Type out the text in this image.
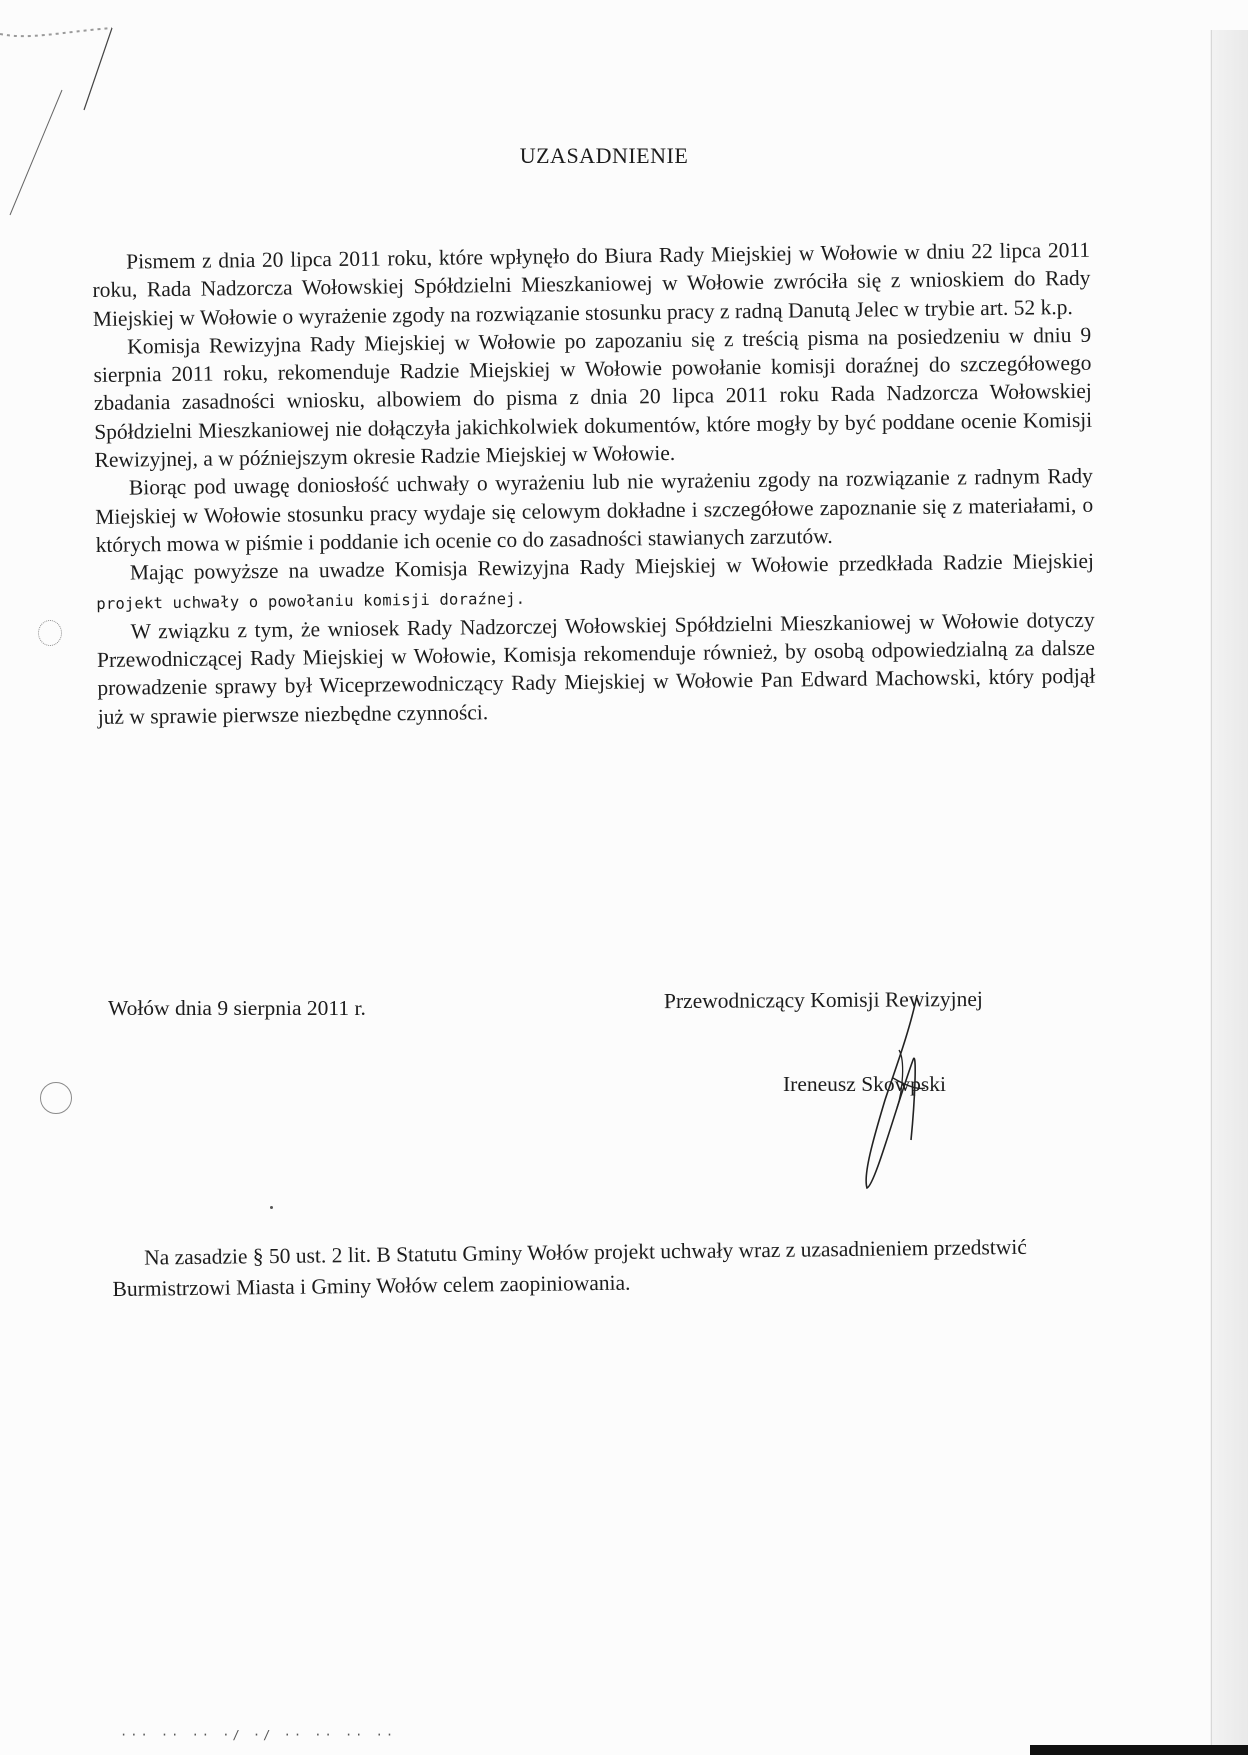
UZASADNIENIE

Pismem z dnia 20 lipca 2011 roku, które wpłynęło do Biura Rady Miejskiej w Wołowie w dniu 22 lipca 2011 roku, Rada Nadzorcza Wołowskiej Spółdzielni Mieszkaniowej w Wołowie zwróciła się z wnioskiem do Rady Miejskiej w Wołowie o wyrażenie zgody na rozwiązanie stosunku pracy z radną Danutą Jelec w trybie art. 52 k.p.

Komisja Rewizyjna Rady Miejskiej w Wołowie po zapozaniu się z treścią pisma na posiedzeniu w dniu 9 sierpnia 2011 roku, rekomenduje Radzie Miejskiej w Wołowie powołanie komisji doraźnej do szczegółowego zbadania zasadności wniosku, albowiem do pisma z dnia 20 lipca 2011 roku Rada Nadzorcza Wołowskiej Spółdzielni Mieszkaniowej nie dołączyła jakichkolwiek dokumentów, które mogły by być poddane ocenie Komisji Rewizyjnej, a w późniejszym okresie Radzie Miejskiej w Wołowie.

Biorąc pod uwagę doniosłość uchwały o wyrażeniu lub nie wyrażeniu zgody na rozwiązanie z radnym Rady Miejskiej w Wołowie stosunku pracy wydaje się celowym dokładne i szczegółowe zapoznanie się z materiałami, o których mowa w piśmie i poddanie ich ocenie co do zasadności stawianych zarzutów.

Mając powyższe na uwadze Komisja Rewizyjna Rady Miejskiej w Wołowie przedkłada Radzie Miejskiej projekt uchwały o powołaniu komisji doraźnej.

W związku z tym, że wniosek Rady Nadzorczej Wołowskiej Spółdzielni Mieszkaniowej w Wołowie dotyczy Przewodniczącej Rady Miejskiej w Wołowie, Komisja rekomenduje również, by osobą odpowiedzialną za dalsze prowadzenie sprawy był Wiceprzewodniczący Rady Miejskiej w Wołowie Pan Edward Machowski, który podjął już w sprawie pierwsze niezbędne czynności.

Wołów dnia 9 sierpnia 2011 r.	Przewodniczący Komisji Rewizyjnej
Ireneusz Skowpski

Na zasadzie § 50 ust. 2 lit. B Statutu Gminy Wołów projekt uchwały wraz z uzasadnieniem przedstwić Burmistrzowi Miasta i Gminy Wołów celem zaopiniowania.

··· ·· ·· ·/ ·/ ·· ·· ·· ··
